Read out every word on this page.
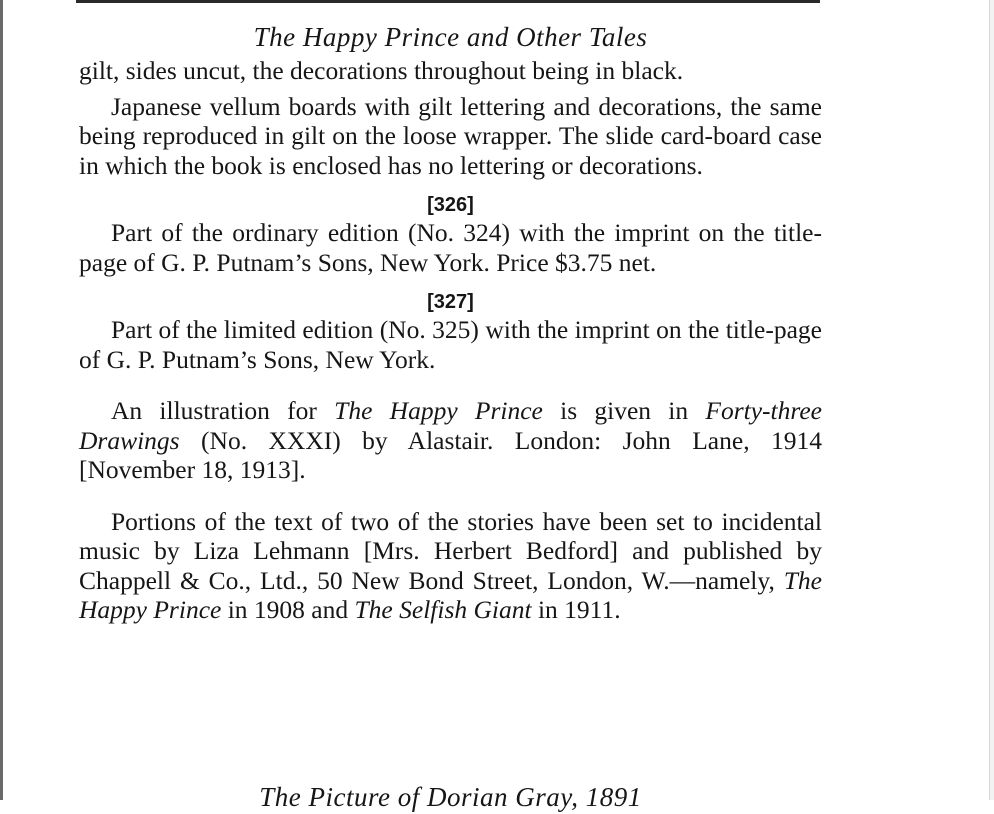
The Happy Prince and Other Tales

gilt, sides uncut, the decorations throughout being in black.

Japanese vellum boards with gilt lettering and decorations, the same being reproduced in gilt on the loose wrapper. The slide card-board case in which the book is enclosed has no lettering or decorations.

[326]

Part of the ordinary edition (No. 324) with the imprint on the title-page of G. P. Putnam’s Sons, New York. Price $3.75 net.

[327]

Part of the limited edition (No. 325) with the imprint on the title-page of G. P. Putnam’s Sons, New York.

An illustration for The Happy Prince is given in Forty-three Drawings (No. XXXI) by Alastair. London: John Lane, 1914 [November 18, 1913].

Portions of the text of two of the stories have been set to incidental music by Liza Lehmann [Mrs. Herbert Bedford] and published by Chappell & Co., Ltd., 50 New Bond Street, London, W.—namely, The Happy Prince in 1908 and The Selfish Giant in 1911.

The Picture of Dorian Gray, 1891
